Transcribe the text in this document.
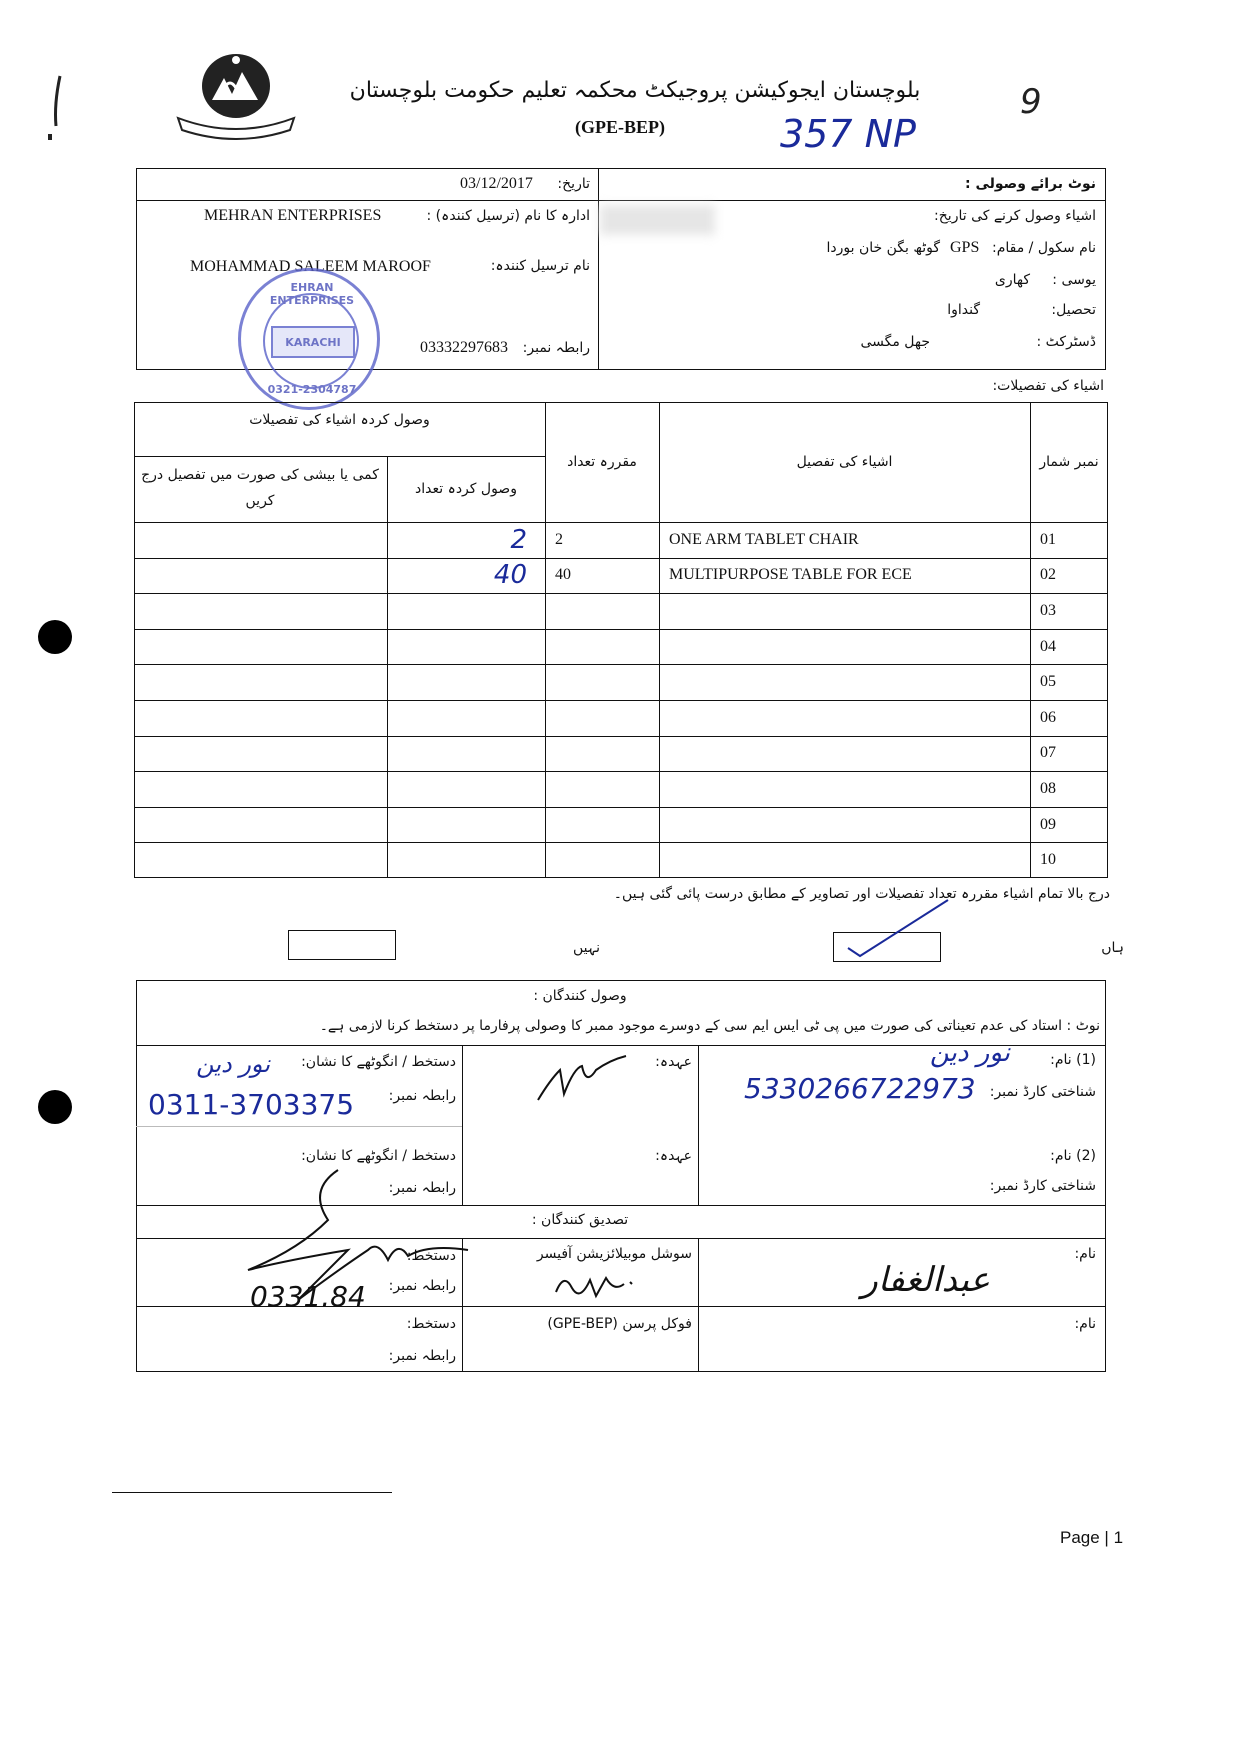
بلوچستان ایجوکیشن پروجیکٹ محکمہ تعلیم حکومت بلوچستان
(GPE-BEP)	357 NP
9
نوٹ برائے وصولی :
تاریخ:
03/12/2017
اشیاء وصول کرنے کی تاریخ:
ادارہ کا نام (ترسیل کنندہ) :
MEHRAN ENTERPRISES
نام سکول / مقام:
GPS
گوٹھ بگن خان بوردا
نام ترسیل کنندہ:
MOHAMMAD SALEEM MAROOF
یوسی :
کھاری
تحصیل:
گنداوا
ڈسٹرکٹ :
جھل مگسی
رابطہ نمبر:
03332297683
EHRAN ENTERPRISES
KARACHI
0321-2304787	اشیاء کی تفصیلات:
وصول کردہ اشیاء کی تفصیلات
مقررہ تعداد	اشیاء کی تفصیل	نمبر شمار
وصول کردہ تعداد
کمی یا بیشی کی صورت میں تفصیل درج کریں
2	2	ONE ARM TABLET CHAIR	01
40	40	MULTIPURPOSE TABLE FOR ECE	02
03
04
05
06
07
08
09
10
درج بالا تمام اشیاء مقررہ تعداد تفصیلات اور تصاویر کے مطابق درست پائی گئی ہیں۔
ہاں
نہیں
وصول کنندگان :
نوٹ : استاد کی عدم تعیناتی کی صورت میں پی ٹی ایس ایم سی کے دوسرے موجود ممبر کا وصولی پرفارما پر دستخط کرنا لازمی ہے۔
(1) نام:
نور دین
شناختی کارڈ نمبر:
5330266722973
عہدہ:
دستخط / انگوٹھے کا نشان:
نور دین
رابطہ نمبر:
0311-3703375
(2) نام:
شناختی کارڈ نمبر:
عہدہ:
دستخط / انگوٹھے کا نشان:
رابطہ نمبر:
تصدیق کنندگان :
نام:
عبدالغفار
سوشل موبیلائزیشن آفیسر
دستخط:
رابطہ نمبر:
0331.84
نام:
فوکل پرسن (GPE-BEP)
دستخط:
رابطہ نمبر:
Page | 1
